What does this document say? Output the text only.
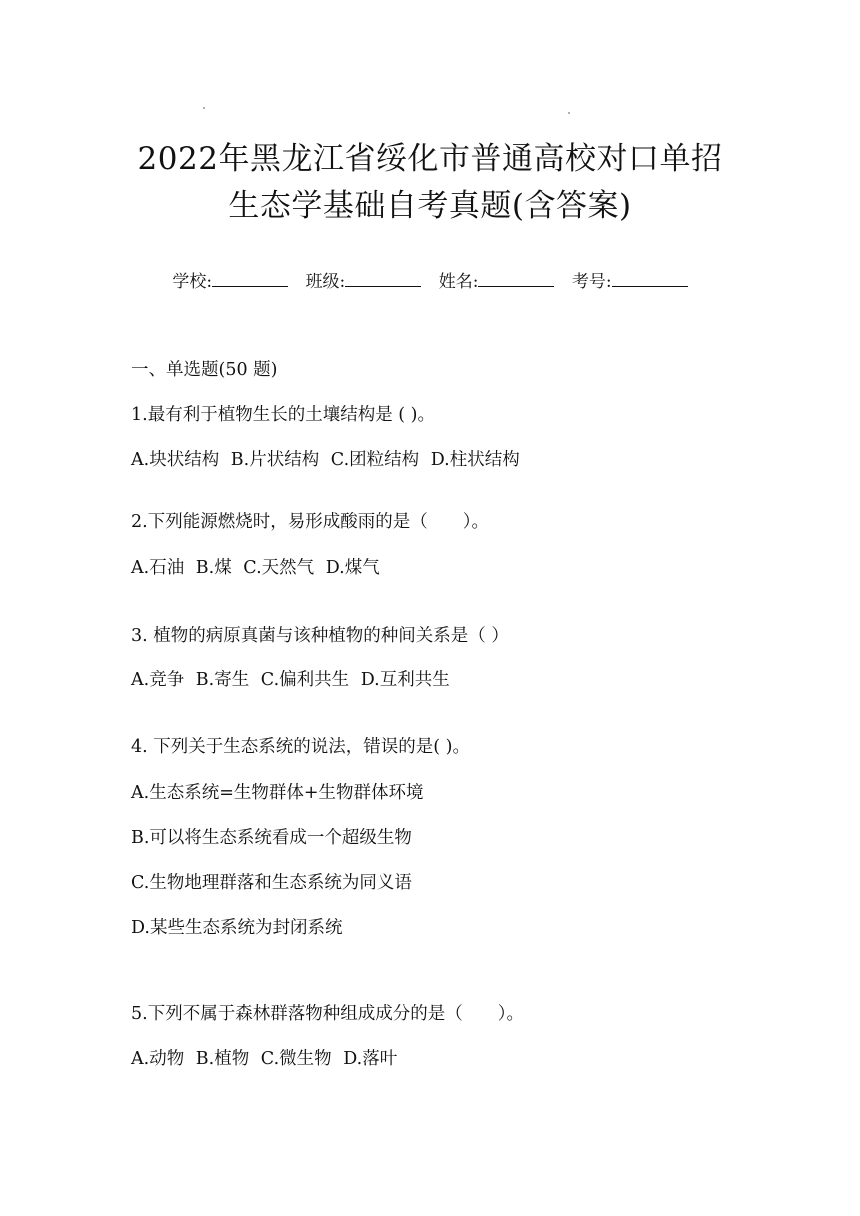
2022年黑龙江省绥化市普通高校对口单招
生态学基础自考真题(含答案)
学校:	班级:	姓名:	考号:
一、单选题(50 题)
1.最有利于植物生长的土壤结构是 ( )。
A.块状结构 B.片状结构 C.团粒结构 D.柱状结构
2.下列能源燃烧时，易形成酸雨的是（　　）。
A.石油 B.煤 C.天然气 D.煤气
3. 植物的病原真菌与该种植物的种间关系是（ ）
A.竞争 B.寄生 C.偏利共生 D.互利共生
4. 下列关于生态系统的说法，错误的是( )。
A.生态系统=生物群体+生物群体环境
B.可以将生态系统看成一个超级生物
C.生物地理群落和生态系统为同义语
D.某些生态系统为封闭系统
5.下列不属于森林群落物种组成成分的是（　　）。
A.动物 B.植物 C.微生物 D.落叶
